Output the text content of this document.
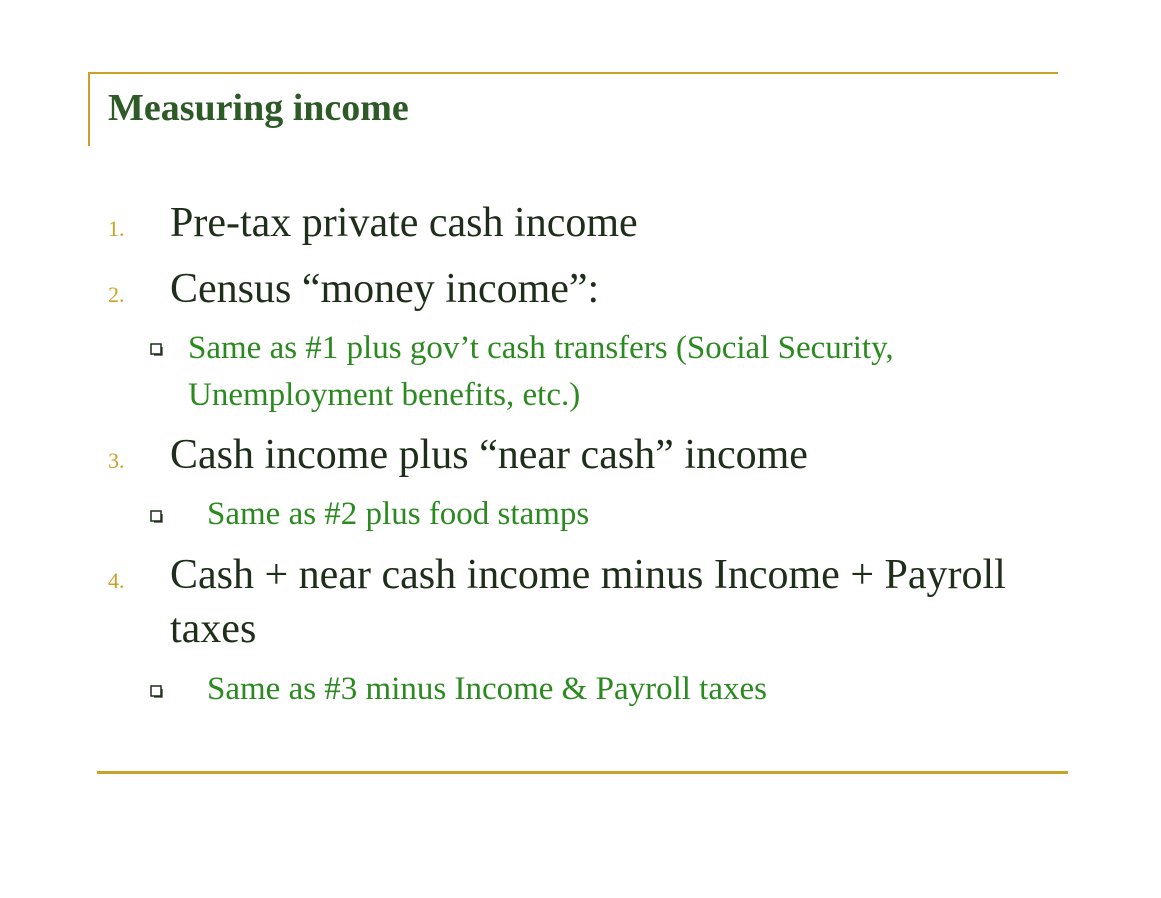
Measuring income
1. Pre-tax private cash income
2. Census “money income”:
Same as #1 plus gov’t cash transfers (Social Security,
Unemployment benefits, etc.)
3. Cash income plus “near cash” income
Same as #2 plus food stamps
4. Cash + near cash income minus Income + Payroll
taxes
Same as #3 minus Income & Payroll taxes
